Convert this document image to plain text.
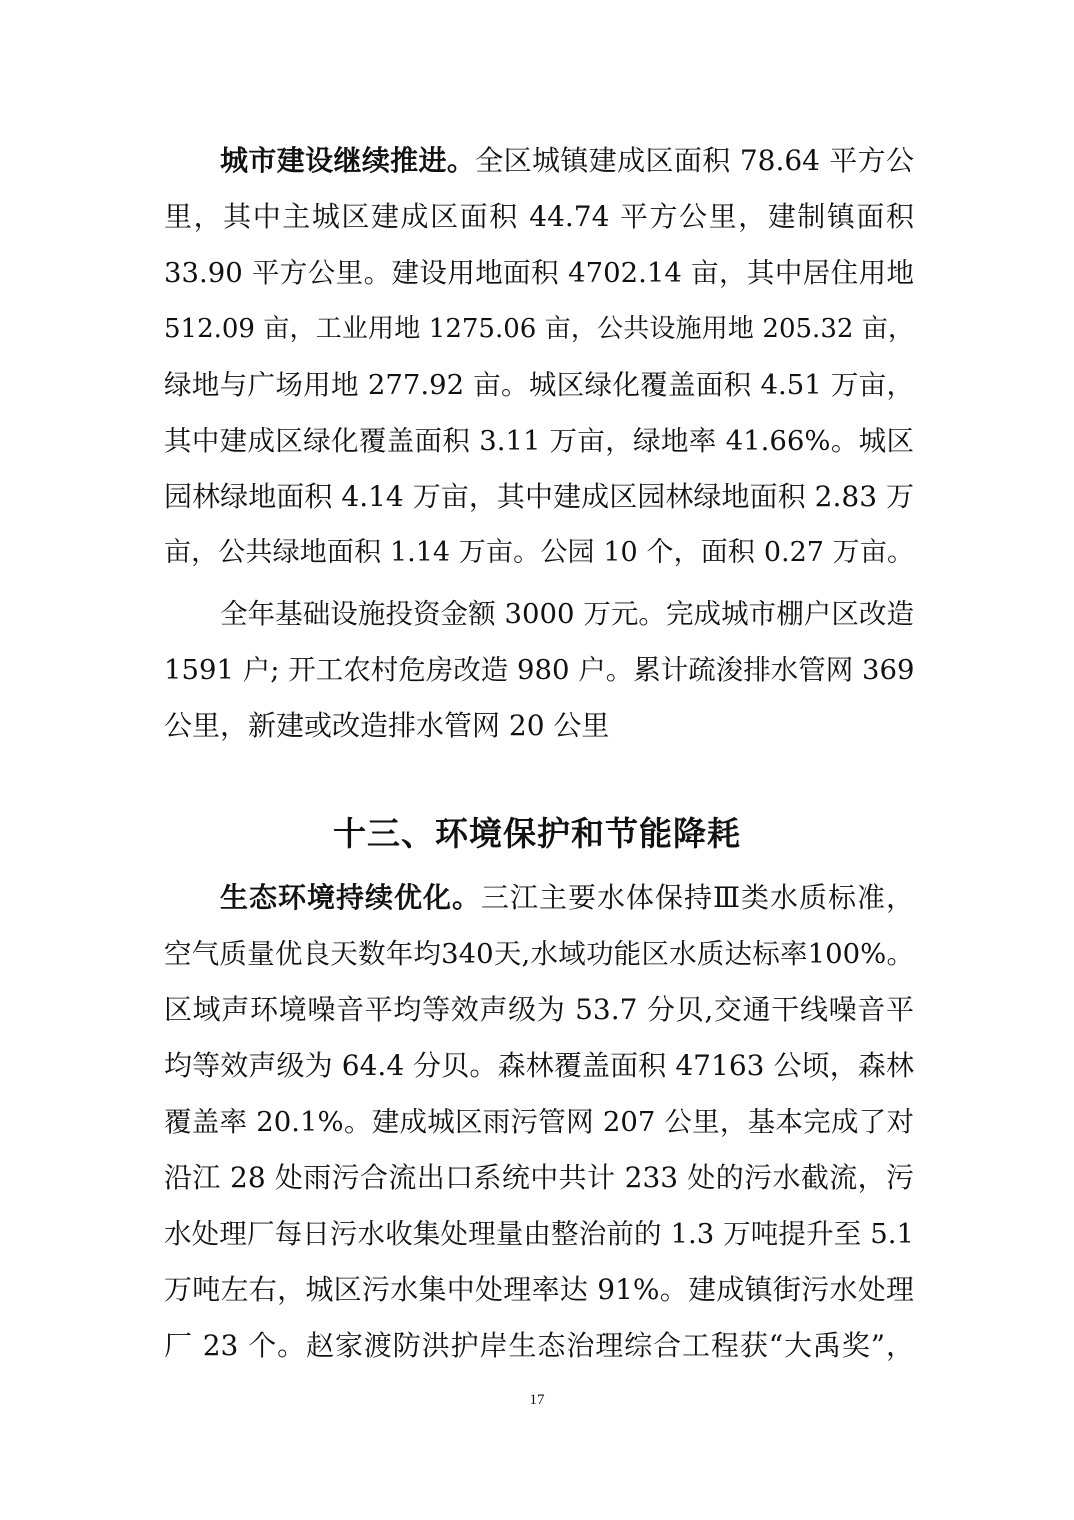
城市建设继续推进。全区城镇建成区面积 78.64 平方公
里，其中主城区建成区面积 44.74 平方公里，建制镇面积
33.90 平方公里。建设用地面积 4702.14 亩，其中居住用地
512.09 亩，工业用地 1275.06 亩，公共设施用地 205.32 亩，
绿地与广场用地 277.92 亩。城区绿化覆盖面积 4.51 万亩，
其中建成区绿化覆盖面积 3.11 万亩，绿地率 41.66%。城区
园林绿地面积 4.14 万亩，其中建成区园林绿地面积 2.83 万
亩，公共绿地面积 1.14 万亩。公园 10 个，面积 0.27 万亩。
全年基础设施投资金额 3000 万元。完成城市棚户区改造
1591 户; 开工农村危房改造 980 户。累计疏浚排水管网 369
公里，新建或改造排水管网 20 公里
十三、环境保护和节能降耗
生态环境持续优化。三江主要水体保持Ⅲ类水质标准，
空气质量优良天数年均340天,水域功能区水质达标率100%。
区域声环境噪音平均等效声级为 53.7 分贝,交通干线噪音平
均等效声级为 64.4 分贝。森林覆盖面积 47163 公顷，森林
覆盖率 20.1%。建成城区雨污管网 207 公里，基本完成了对
沿江 28 处雨污合流出口系统中共计 233 处的污水截流，污
水处理厂每日污水收集处理量由整治前的 1.3 万吨提升至 5.1
万吨左右，城区污水集中处理率达 91%。建成镇街污水处理
厂 23 个。赵家渡防洪护岸生态治理综合工程获“大禹奖”，
17
